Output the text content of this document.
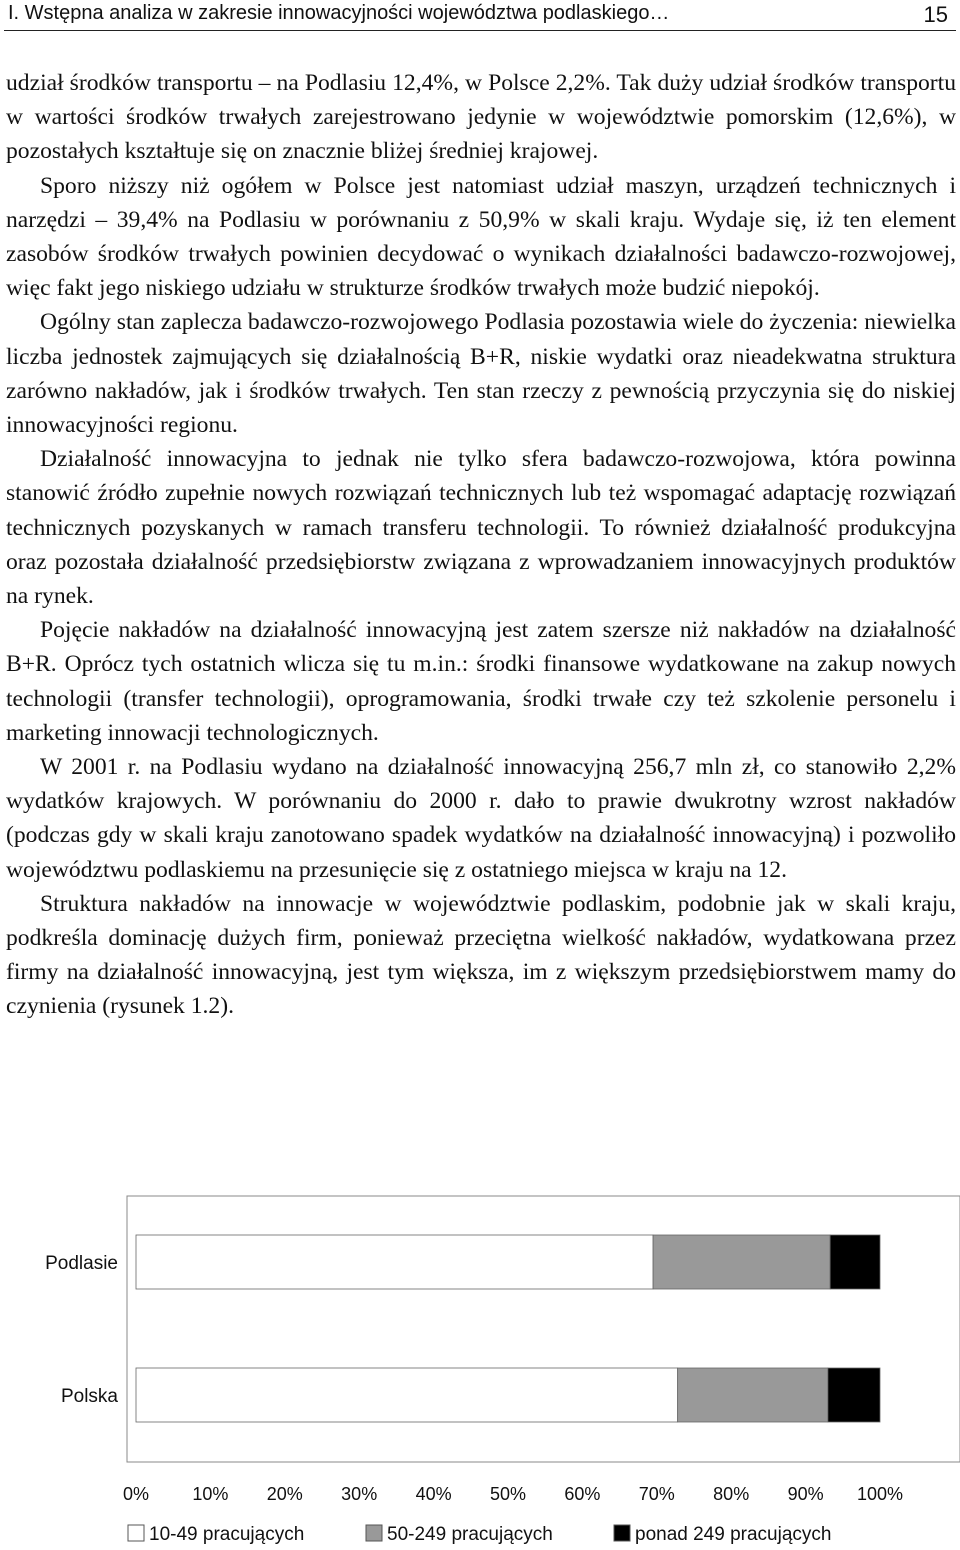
I. Wstępna analiza w zakresie innowacyjności województwa podlaskiego…	15

udział środków transportu – na Podlasiu 12,4%, w Polsce 2,2%. Tak duży udział środków transportu w wartości środków trwałych zarejestrowano jedynie w województwie pomorskim (12,6%), w pozostałych kształtuje się on znacznie bliżej średniej krajowej.

Sporo niższy niż ogółem w Polsce jest natomiast udział maszyn, urządzeń technicznych i narzędzi – 39,4% na Podlasiu w porównaniu z 50,9% w skali kraju. Wydaje się, iż ten element zasobów środków trwałych powinien decydować o wynikach działalności badawczo-rozwojowej, więc fakt jego niskiego udziału w strukturze środków trwałych może budzić niepokój.

Ogólny stan zaplecza badawczo-rozwojowego Podlasia pozostawia wiele do życzenia: niewielka liczba jednostek zajmujących się działalnością B+R, niskie wydatki oraz nieadekwatna struktura zarówno nakładów, jak i środków trwałych. Ten stan rzeczy z pewnością przyczynia się do niskiej innowacyjności regionu.

Działalność innowacyjna to jednak nie tylko sfera badawczo-rozwojowa, która powinna stanowić źródło zupełnie nowych rozwiązań technicznych lub też wspomagać adaptację rozwiązań technicznych pozyskanych w ramach transferu technologii. To również działalność produkcyjna oraz pozostała działalność przedsiębiorstw związana z wprowadzaniem innowacyjnych produktów na rynek.

Pojęcie nakładów na działalność innowacyjną jest zatem szersze niż nakładów na działalność B+R. Oprócz tych ostatnich wlicza się tu m.in.: środki finansowe wydatkowane na zakup nowych technologii (transfer technologii), oprogramowania, środki trwałe czy też szkolenie personelu i marketing innowacji technologicznych.

W 2001 r. na Podlasiu wydano na działalność innowacyjną 256,7 mln zł, co stanowiło 2,2% wydatków krajowych. W porównaniu do 2000 r. dało to prawie dwukrotny wzrost nakładów (podczas gdy w skali kraju zanotowano spadek wydatków na działalność innowacyjną) i pozwoliło województwu podlaskiemu na przesunięcie się z ostatniego miejsca w kraju na 12.

Struktura nakładów na innowacje w województwie podlaskim, podobnie jak w skali kraju, podkreśla dominację dużych firm, ponieważ przeciętna wielkość nakładów, wydatkowana przez firmy na działalność innowacyjną, jest tym większa, im z większym przedsiębiorstwem mamy do czynienia (rysunek 1.2).

Podlasie
Polska
0% 10% 20% 30% 40% 50% 60% 70% 80% 90% 100%
10-49 pracujących	50-249 pracujących	ponad 249 pracujących
